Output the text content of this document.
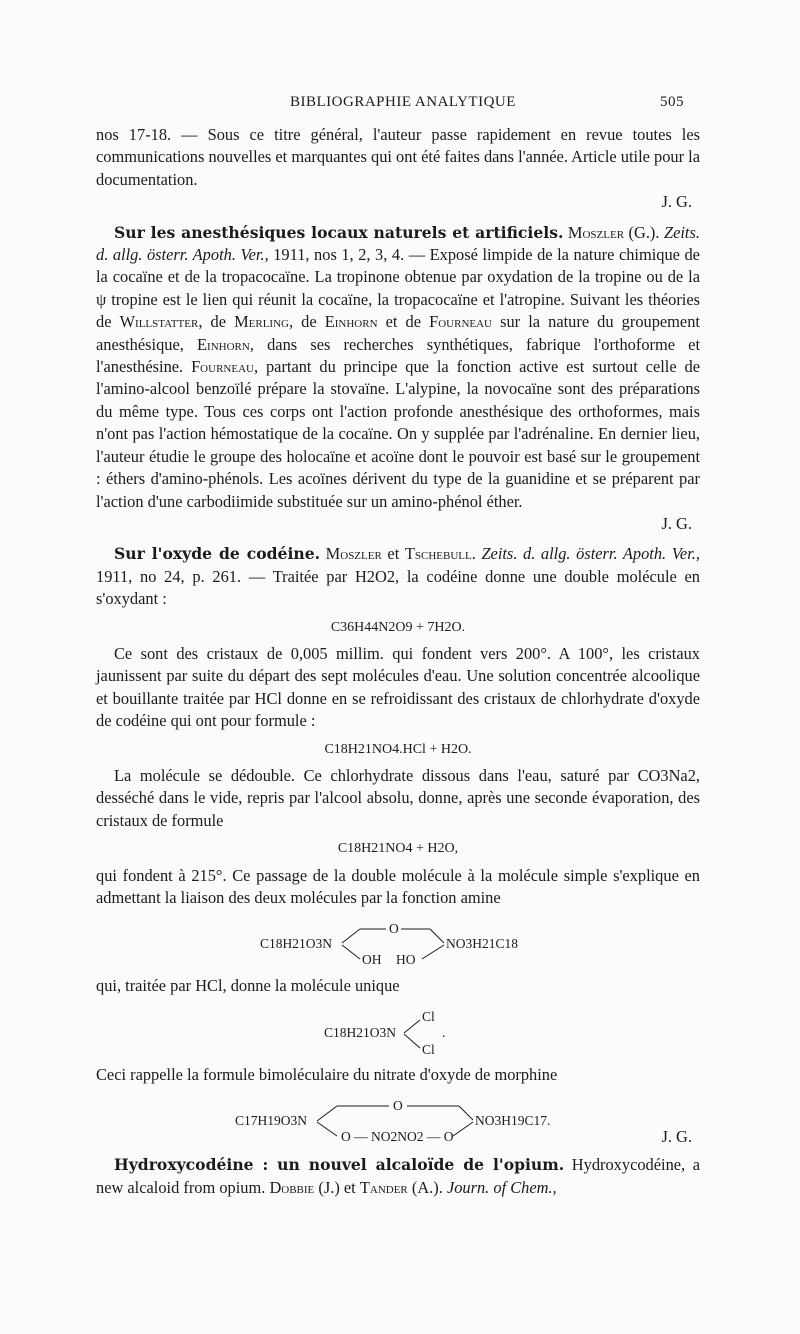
BIBLIOGRAPHIE ANALYTIQUE	505

nos 17-18. — Sous ce titre général, l'auteur passe rapidement en revue toutes les communications nouvelles et marquantes qui ont été faites dans l'année. Article utile pour la documentation.

J. G.

Sur les anesthésiques locaux naturels et artificiels. Moszler (G.). Zeits. d. allg. österr. Apoth. Ver., 1911, nos 1, 2, 3, 4. — Exposé limpide de la nature chimique de la cocaïne et de la tropacocaïne. La tropinone obtenue par oxydation de la tropine ou de la ψ tropine est le lien qui réunit la cocaïne, la tropacocaïne et l'atropine. Suivant les théories de Willstatter, de Merling, de Einhorn et de Fourneau sur la nature du groupement anesthésique, Einhorn, dans ses recherches synthétiques, fabrique l'orthoforme et l'anesthésine. Fourneau, partant du principe que la fonction active est surtout celle de l'amino-alcool benzoïlé prépare la stovaïne. L'alypine, la novocaïne sont des préparations du même type. Tous ces corps ont l'action profonde anesthésique des orthoformes, mais n'ont pas l'action hémostatique de la cocaïne. On y supplée par l'adrénaline. En dernier lieu, l'auteur étudie le groupe des holocaïne et acoïne dont le pouvoir est basé sur le groupement : éthers d'amino-phénols. Les acoïnes dérivent du type de la guanidine et se préparent par l'action d'une carbodiimide substituée sur un amino-phénol éther.

J. G.

Sur l'oxyde de codéine. Moszler et Tschebull. Zeits. d. allg. österr. Apoth. Ver., 1911, no 24, p. 261. — Traitée par H2O2, la codéine donne une double molécule en s'oxydant :

C36H44N2O9 + 7H2O.

Ce sont des cristaux de 0,005 millim. qui fondent vers 200°. A 100°, les cristaux jaunissent par suite du départ des sept molécules d'eau. Une solution concentrée alcoolique et bouillante traitée par HCl donne en se refroidissant des cristaux de chlorhydrate d'oxyde de codéine qui ont pour formule :

C18H21NO4.HCl + H2O.

La molécule se dédouble. Ce chlorhydrate dissous dans l'eau, saturé par CO3Na2, desséché dans le vide, repris par l'alcool absolu, donne, après une seconde évaporation, des cristaux de formule

C18H21NO4 + H2O,

qui fondent à 215°. Ce passage de la double molécule à la molécule simple s'explique en admettant la liaison des deux molécules par la fonction amine

C18H21O3N
O
OH HO
NO3H21C18

qui, traitée par HCl, donne la molécule unique

C18H21O3N
Cl
Cl
.

Ceci rappelle la formule bimoléculaire du nitrate d'oxyde de morphine

C17H19O3N
O
O — NO2NO2 — O
NO3H19C17.
J. G.

Hydroxycodéine : un nouvel alcaloïde de l'opium. Hydroxycodéine, a new alcaloid from opium. Dobbie (J.) et Tander (A.). Journ. of Chem.,
